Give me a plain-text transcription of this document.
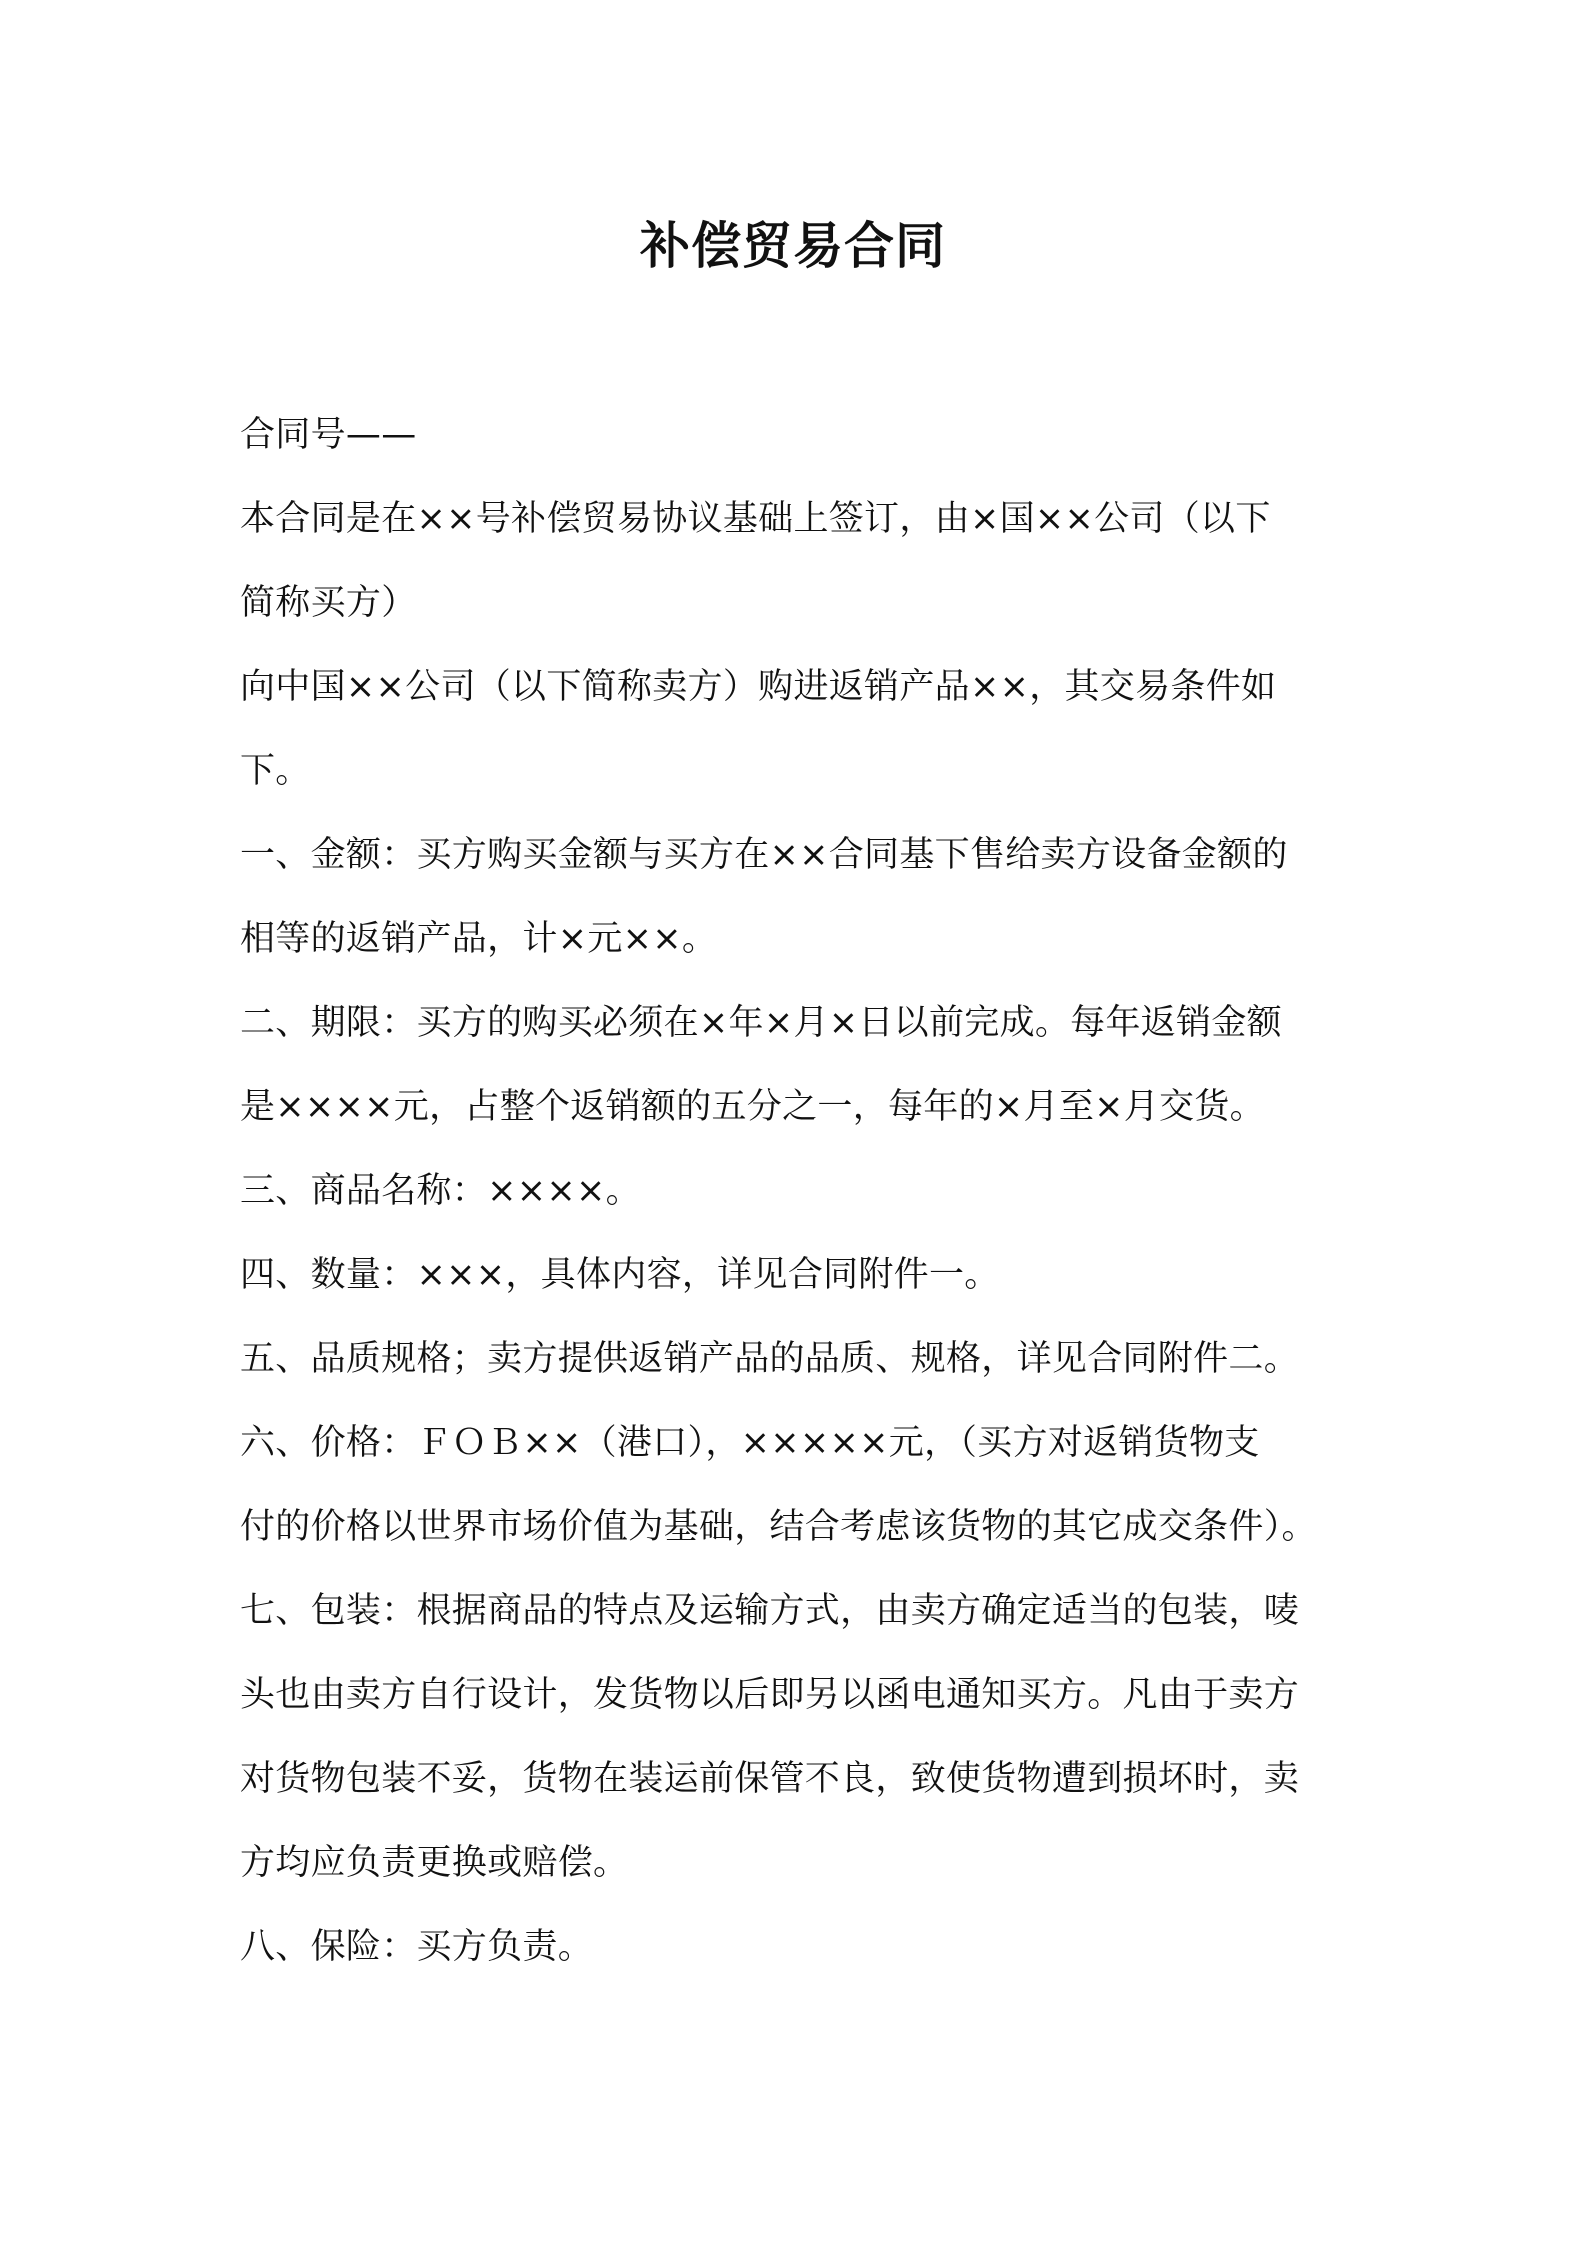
补偿贸易合同
合同号——
本合同是在××号补偿贸易协议基础上签订，由×国××公司（以下
简称买方）
向中国××公司（以下简称卖方）购进返销产品××，其交易条件如
下。
一、金额：买方购买金额与买方在××合同基下售给卖方设备金额的
相等的返销产品，计×元××。
二、期限：买方的购买必须在×年×月×日以前完成。每年返销金额
是××××元，占整个返销额的五分之一，每年的×月至×月交货。
三、商品名称：××××。
四、数量：×××，具体内容，详见合同附件一。
五、品质规格；卖方提供返销产品的品质、规格，详见合同附件二。
六、价格：ＦＯＢ××（港口），×××××元，（买方对返销货物支
付的价格以世界市场价值为基础，结合考虑该货物的其它成交条件）。
七、包装：根据商品的特点及运输方式，由卖方确定适当的包装，唛
头也由卖方自行设计，发货物以后即另以函电通知买方。凡由于卖方
对货物包装不妥，货物在装运前保管不良，致使货物遭到损坏时，卖
方均应负责更换或赔偿。
八、保险：买方负责。
